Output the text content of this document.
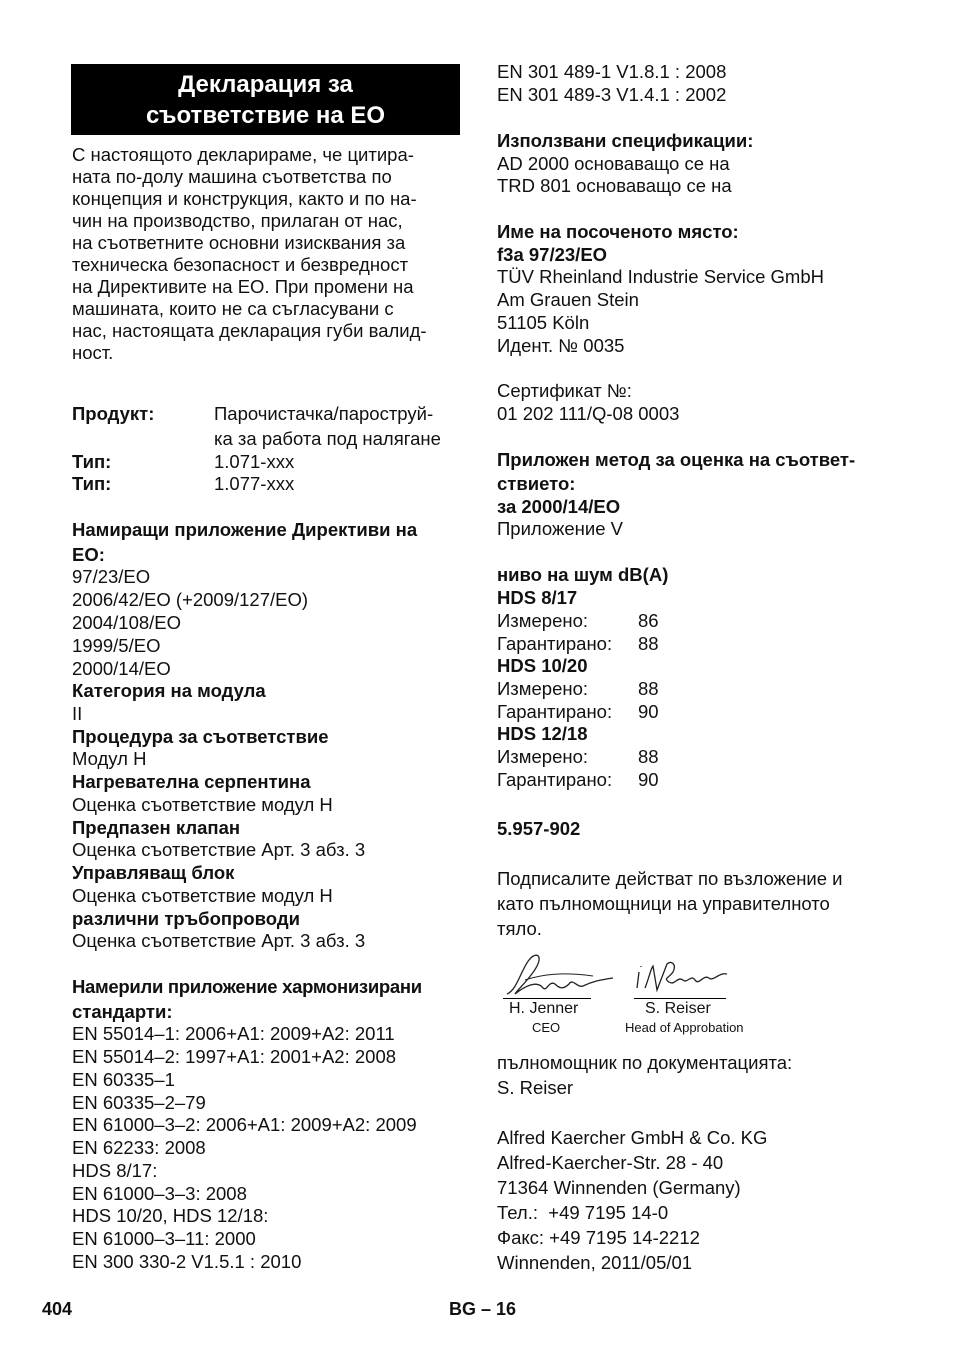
Декларация за
съответствие на ЕО
С настоящото декларираме, че цитира-
ната по-долу машина съответства по
концепция и конструкция, както и по на-
чин на производство, прилаган от нас,
на съответните основни изисквания за
техническа безопасност и безвредност
на Директивите на ЕО. При промени на
машината, които не са съгласувани с
нас, настоящата декларация губи валид-
ност.
Продукт:	Парочистачка/пароструй-
ка за работа под налягане
Тип:	1.071-xxx
Тип:	1.077-xxx
Намиращи приложение Директиви на
ЕО:
97/23/ЕО
2006/42/ЕО (+2009/127/ЕО)
2004/108/ЕО
1999/5/ЕО
2000/14/ЕО
Категория на модула
II
Процедура за съответствие
Модул H
Нагревателна серпентина
Оценка съответствие модул H
Предпазен клапан
Оценка съответствие Арт. 3 абз. 3
Управляващ блок
Оценка съответствие модул H
различни тръбопроводи
Оценка съответствие Арт. 3 абз. 3
Намерили приложение хармонизирани
стандарти:
EN 55014–1: 2006+A1: 2009+A2: 2011
EN 55014–2: 1997+A1: 2001+A2: 2008
EN 60335–1
EN 60335–2–79
EN 61000–3–2: 2006+A1: 2009+A2: 2009
EN 62233: 2008
HDS 8/17:
EN 61000–3–3: 2008
HDS 10/20, HDS 12/18:
EN 61000–3–11: 2000
EN 300 330-2 V1.5.1 : 2010
EN 301 489-1 V1.8.1 : 2008
EN 301 489-3 V1.4.1 : 2002
Използвани спецификации:
AD 2000 основаващо се на
TRD 801 основаващо се на
Име на посоченото място:
f3a 97/23/EO
TÜV Rheinland Industrie Service GmbH
Am Grauen Stein
51105 Köln
Идент. № 0035
Сертификат №:
01 202 111/Q-08 0003
Приложен метод за оценка на съответ-
ствието:
за 2000/14/ЕО
Приложение V
ниво на шум dB(A)
HDS 8/17
Измерено:	86
Гарантирано: 88
HDS 10/20
Измерено:	88
Гарантирано: 90
HDS 12/18
Измерено:	88
Гарантирано: 90
5.957-902
Подписалите действат по възложение и
като пълномощници на управителното
тяло.
H. Jenner	S. Reiser
CEO	Head of Approbation
пълномощник по документацията:
S. Reiser
Alfred Kaercher GmbH & Co. KG
Alfred-Kaercher-Str. 28 - 40
71364 Winnenden (Germany)
Тел.:  +49 7195 14-0
Факс: +49 7195 14-2212
Winnenden, 2011/05/01
404	BG – 16
